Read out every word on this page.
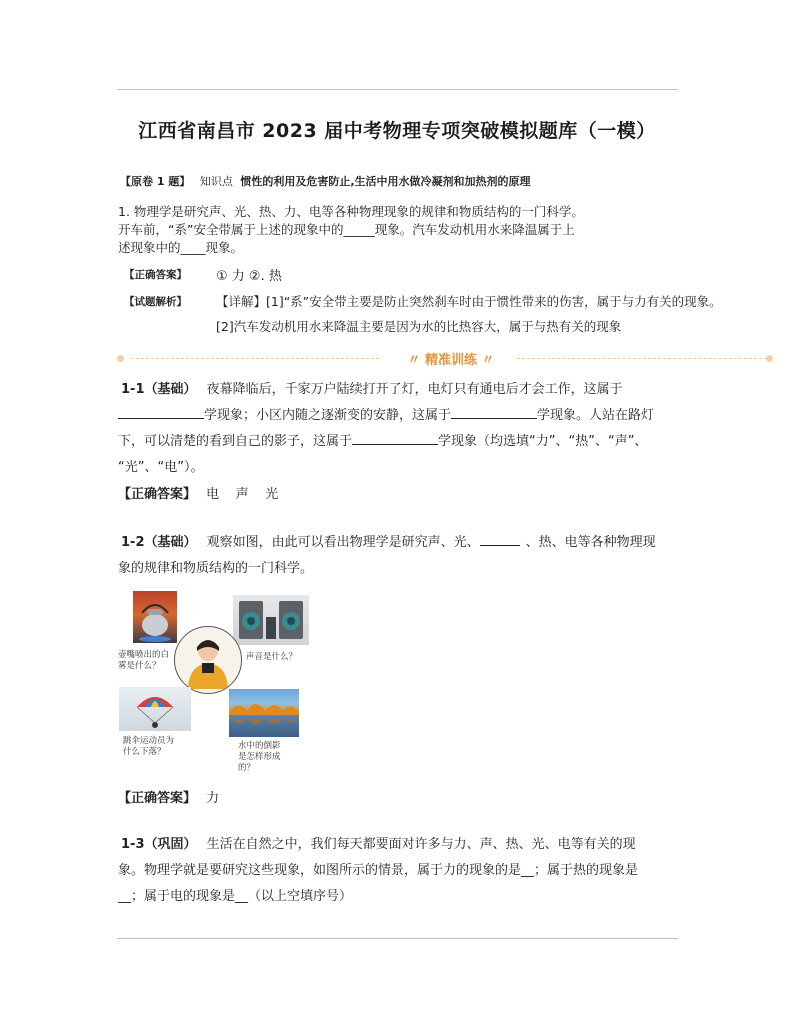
江西省南昌市 2023 届中考物理专项突破模拟题库（一模）
【原卷 1 题】 知识点 惯性的利用及危害防止,生活中用水做冷凝剂和加热剂的原理
1. 物理学是研究声、光、热、力、电等各种物理现象的规律和物质结构的一门科学。
开车前，“系”安全带属于上述的现象中的_____现象。汽车发动机用水来降温属于上
述现象中的____现象。
【正确答案】 ① 力 ②. 热
【试题解析】 【详解】[1]“系”安全带主要是防止突然刹车时由于惯性带来的伤害，属于与力有关的现象。
[2]汽车发动机用水来降温主要是因为水的比热容大，属于与热有关的现象
〃 精准训练 〃
1-1（基础） 夜幕降临后，千家万户陆续打开了灯，电灯只有通电后才会工作，这属于
学现象；小区内随之逐渐变的安静，这属于	学现象。人站在路灯
下，可以清楚的看到自己的影子，这属于	学现象（均选填“力”、“热”、“声”、
“光”、“电”）。
【正确答案】 电    声    光
1-2（基础） 观察如图，由此可以看出物理学是研究声、光、	、热、电等各种物理现
象的规律和物质结构的一门科学。
壶嘴喷出的白
雾是什么？
声音是什么？
跳伞运动员为
什么下落？
水中的倒影
是怎样形成
的？
【正确答案】 力
1-3（巩固） 生活在自然之中，我们每天都要面对许多与力、声、热、光、电等有关的现
象。物理学就是要研究这些现象，如图所示的情景，属于力的现象的是__；属于热的现象是
__；属于电的现象是__（以上空填序号）
